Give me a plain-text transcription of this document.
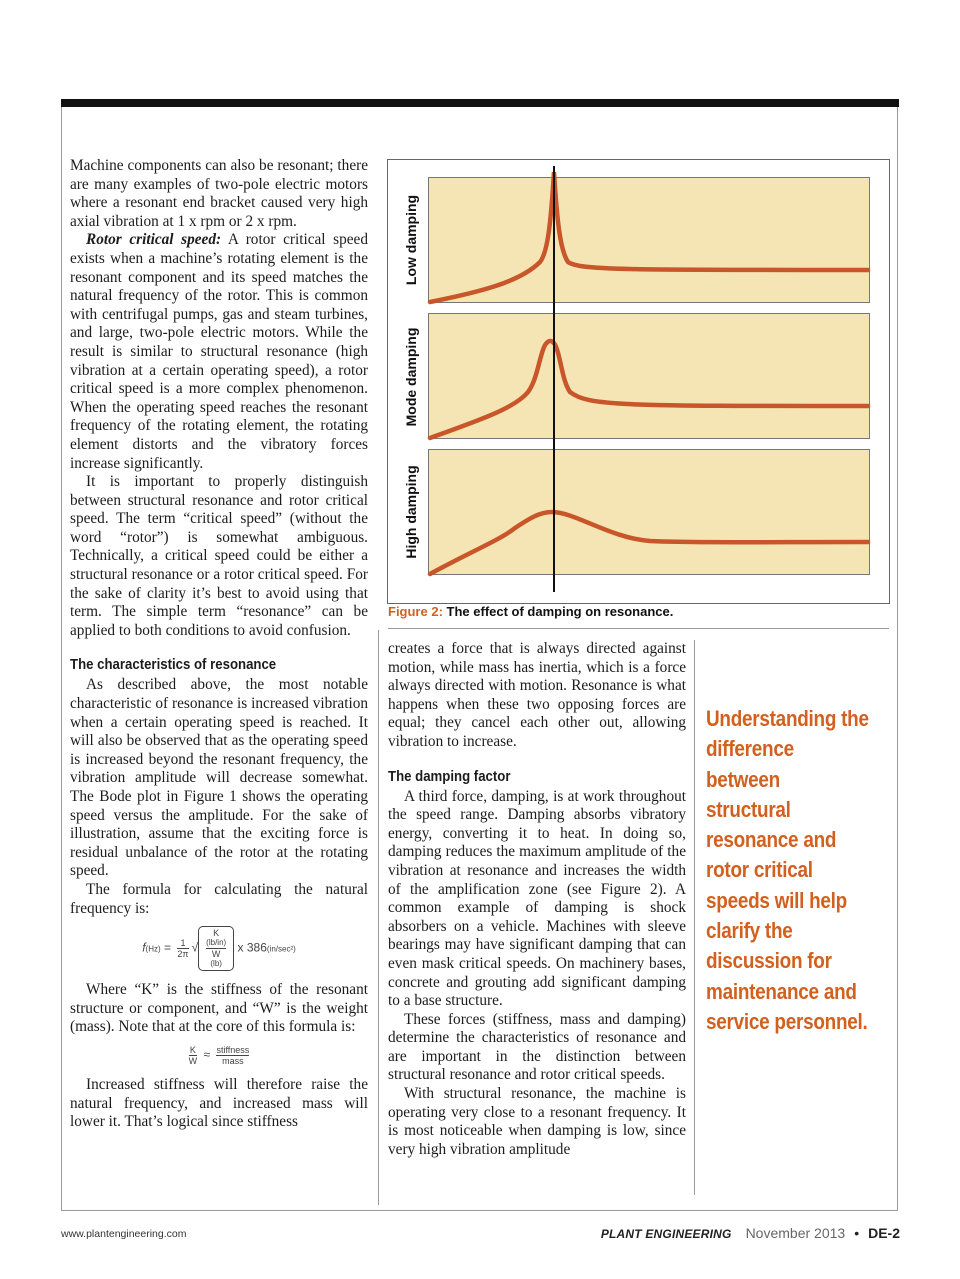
Machine components can also be resonant; there are many examples of two-pole electric motors where a resonant end bracket caused very high axial vibration at 1 x rpm or 2 x rpm.

Rotor critical speed: A rotor critical speed exists when a machine’s rotating element is the resonant component and its speed matches the natural frequency of the rotor. This is common with centrifugal pumps, gas and steam turbines, and large, two-pole electric motors. While the result is similar to structural resonance (high vibration at a certain operating speed), a rotor critical speed is a more complex phenomenon. When the operating speed reaches the resonant frequency of the rotating element, the rotating element distorts and the vibratory forces increase significantly.

It is important to properly distinguish between structural resonance and rotor critical speed. The term “critical speed” (without the word “rotor”) is somewhat ambiguous. Technically, a critical speed could be either a structural resonance or a rotor critical speed. For the sake of clarity it’s best to avoid using that term. The simple term “resonance” can be applied to both conditions to avoid confusion.

The characteristics of resonance

As described above, the most notable characteristic of resonance is increased vibration when a certain operating speed is reached. It will also be observed that as the operating speed is increased beyond the resonant frequency, the vibration amplitude will decrease somewhat. The Bode plot in Figure 1 shows the operating speed versus the amplitude. For the sake of illustration, assume that the exciting force is residual unbalance of the rotor at the rotating speed.

The formula for calculating the natural frequency is:

$f(Hz) = \frac{1}{2\pi}$ √ K
(lb/in)
W
(lb) x 386(in/sec²)

Where “K” is the stiffness of the resonant structure or component, and “W” is the weight (mass). Note that at the core of this formula is:

$\frac{K}{W} \approx \frac{\text{stiffness}}{\text{mass}}$

Increased stiffness will therefore raise the natural frequency, and increased mass will lower it. That’s logical since stiffness

Low damping
Mode damping
High damping
Figure 2: The effect of damping on resonance.

creates a force that is always directed against motion, while mass has inertia, which is a force always directed with motion. Resonance is what happens when these two opposing forces are equal; they cancel each other out, allowing vibration to increase.

The damping factor

A third force, damping, is at work throughout the speed range. Damping absorbs vibratory energy, converting it to heat. In doing so, damping reduces the maximum amplitude of the vibration at resonance and increases the width of the amplification zone (see Figure 2). A common example of damping is shock absorbers on a vehicle. Machines with sleeve bearings may have significant damping that can even mask critical speeds. On machinery bases, concrete and grouting add significant damping to a base structure.

These forces (stiffness, mass and damping) determine the characteristics of resonance and are important in the distinction between structural resonance and rotor critical speeds.

With structural resonance, the machine is operating very close to a resonant frequency. It is most noticeable when damping is low, since very high vibration amplitude

Understanding the difference between structural resonance and rotor critical speeds will help clarify the discussion for maintenance and service personnel.
www.plantengineering.com	PLANT ENGINEERING November 2013 • DE-2
